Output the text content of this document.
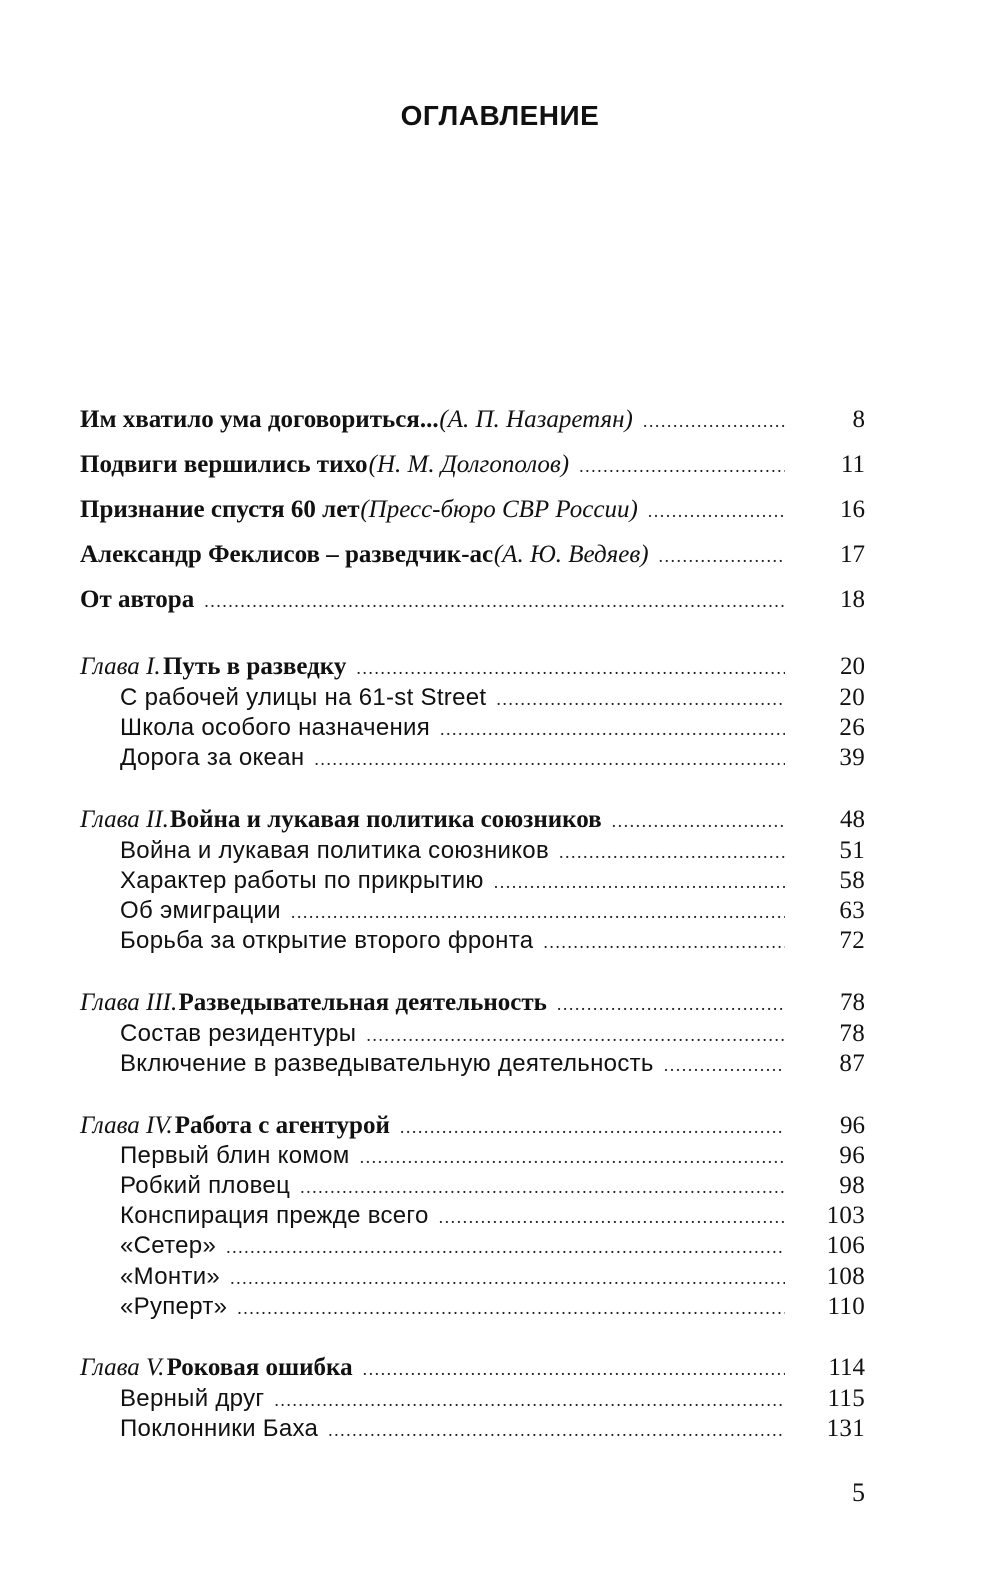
ОГЛАВЛЕНИЕ
Им хватило ума договориться... (А. П. Назаретян) .....	8
Подвиги вершились тихо (Н. М. Долгополов) .....	11
Признание спустя 60 лет (Пресс-бюро СВР России) .....	16
Александр Феклисов – разведчик-ас (А. Ю. Ведяев) .....	17
От автора .....	18
Глава I. Путь в разведку .....	20
С рабочей улицы на 61-st Street .....	20
Школа особого назначения .....	26
Дорога за океан .....	39
Глава II. Война и лукавая политика союзников .....	48
Война и лукавая политика союзников .....	51
Характер работы по прикрытию .....	58
Об эмиграции .....	63
Борьба за открытие второго фронта .....	72
Глава III. Разведывательная деятельность .....	78
Состав резидентуры .....	78
Включение в разведывательную деятельность .....	87
Глава IV. Работа с агентурой .....	96
Первый блин комом .....	96
Робкий пловец .....	98
Конспирация прежде всего .....	103
«Сетер» .....	106
«Монти» .....	108
«Руперт» .....	110
Глава V. Роковая ошибка .....	114
Верный друг .....	115
Поклонники Баха .....	131
5
